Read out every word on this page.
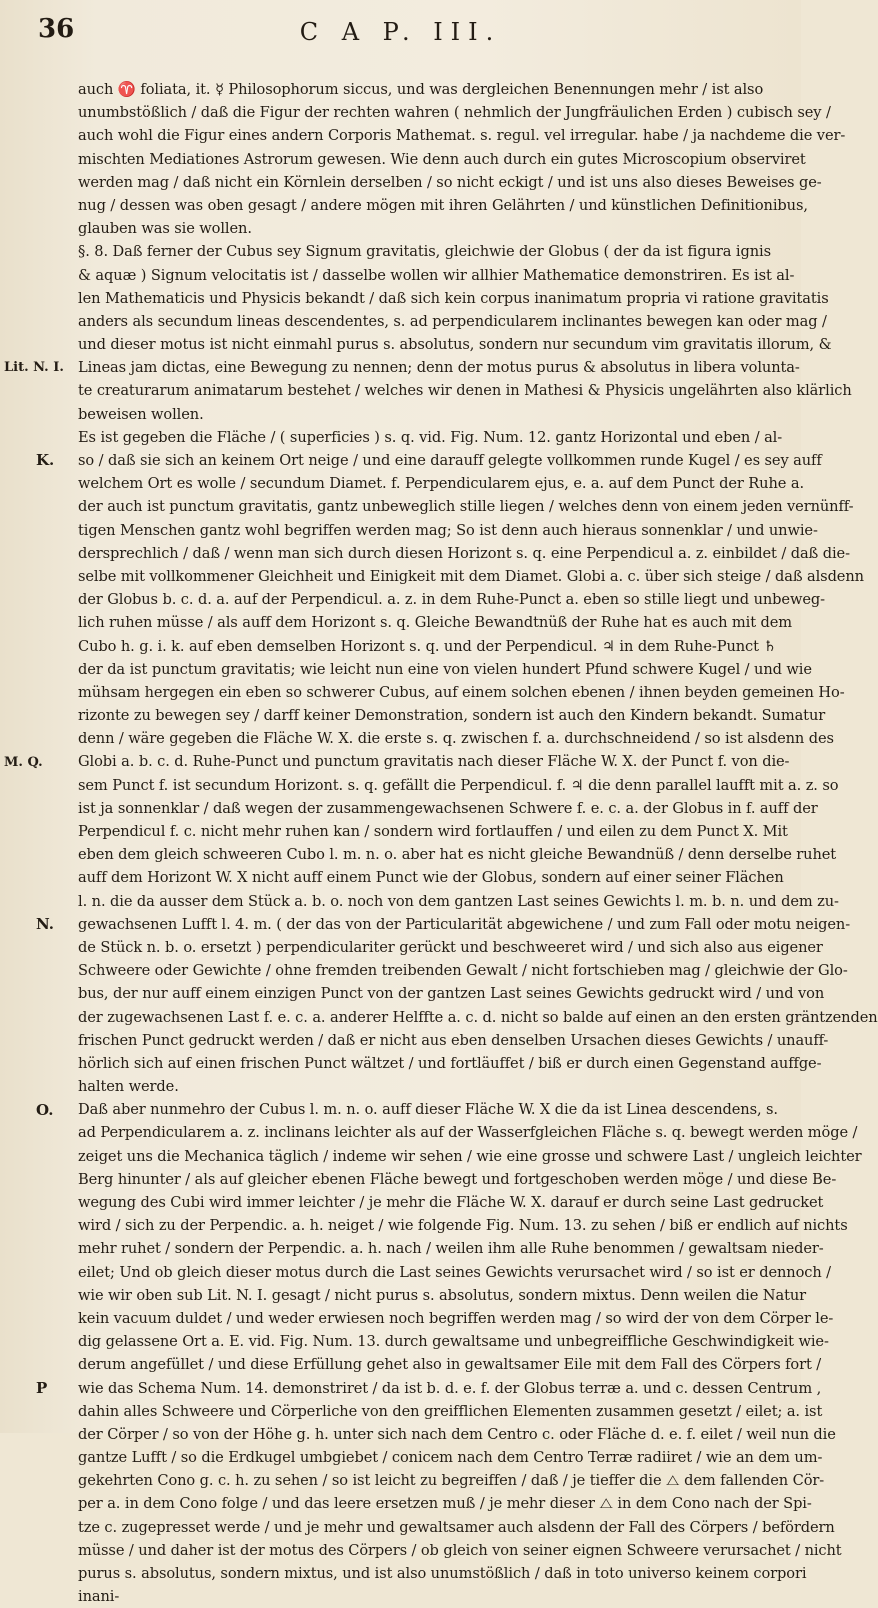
36	C A P. III.
Lit. N. I.
K.
M. Q.
N.
O.
P
auch ♈ foliata, it. ☿ Philosophorum siccus, und was dergleichen Benennungen mehr / ist also
unumbstößlich / daß die Figur der rechten wahren ( nehmlich der Jungfräulichen Erden ) cubisch sey /
auch wohl die Figur eines andern Corporis Mathemat. s. regul. vel irregular. habe / ja nachdeme die ver-
mischten Mediationes Astrorum gewesen. Wie denn auch durch ein gutes Microscopium observiret
werden mag / daß nicht ein Körnlein derselben / so nicht eckigt / und ist uns also dieses Beweises ge-
nug / dessen was oben gesagt / andere mögen mit ihren Gelährten / und künstlichen Definitionibus,
glauben was sie wollen.
§. 8. Daß ferner der Cubus sey Signum gravitatis, gleichwie der Globus ( der da ist figura ignis
& aquæ ) Signum velocitatis ist / dasselbe wollen wir allhier Mathematice demonstriren. Es ist al-
len Mathematicis und Physicis bekandt / daß sich kein corpus inanimatum propria vi ratione gravitatis
anders als secundum lineas descendentes, s. ad perpendicularem inclinantes bewegen kan oder mag /
und dieser motus ist nicht einmahl purus s. absolutus, sondern nur secundum vim gravitatis illorum, &
Lineas jam dictas, eine Bewegung zu nennen; denn der motus purus & absolutus in libera volunta-
te creaturarum animatarum bestehet / welches wir denen in Mathesi & Physicis ungelährten also klärlich
beweisen wollen.
Es ist gegeben die Fläche / ( superficies ) s. q. vid. Fig. Num. 12. gantz Horizontal und eben / al-
so / daß sie sich an keinem Ort neige / und eine darauff gelegte vollkommen runde Kugel / es sey auff
welchem Ort es wolle / secundum Diamet. f. Perpendicularem ejus, e. a. auf dem Punct der Ruhe a.
der auch ist punctum gravitatis, gantz unbeweglich stille liegen / welches denn von einem jeden vernünff-
tigen Menschen gantz wohl begriffen werden mag; So ist denn auch hieraus sonnenklar / und unwie-
dersprechlich / daß / wenn man sich durch diesen Horizont s. q. eine Perpendicul a. z. einbildet / daß die-
selbe mit vollkommener Gleichheit und Einigkeit mit dem Diamet. Globi a. c. über sich steige / daß alsdenn
der Globus b. c. d. a. auf der Perpendicul. a. z. in dem Ruhe-Punct a. eben so stille liegt und unbeweg-
lich ruhen müsse / als auff dem Horizont s. q. Gleiche Bewandtnüß der Ruhe hat es auch mit dem
Cubo h. g. i. k. auf eben demselben Horizont s. q. und der Perpendicul. ♃ in dem Ruhe-Punct ♄
der da ist punctum gravitatis; wie leicht nun eine von vielen hundert Pfund schwere Kugel / und wie
mühsam hergegen ein eben so schwerer Cubus, auf einem solchen ebenen / ihnen beyden gemeinen Ho-
rizonte zu bewegen sey / darff keiner Demonstration, sondern ist auch den Kindern bekandt. Sumatur
denn / wäre gegeben die Fläche W. X. die erste s. q. zwischen f. a. durchschneidend / so ist alsdenn des
Globi a. b. c. d. Ruhe-Punct und punctum gravitatis nach dieser Fläche W. X. der Punct f. von die-
sem Punct f. ist secundum Horizont. s. q. gefällt die Perpendicul. f. ♃ die denn parallel laufft mit a. z. so
ist ja sonnenklar / daß wegen der zusammengewachsenen Schwere f. e. c. a. der Globus in f. auff der
Perpendicul f. c. nicht mehr ruhen kan / sondern wird fortlauffen / und eilen zu dem Punct X. Mit
eben dem gleich schweeren Cubo l. m. n. o. aber hat es nicht gleiche Bewandnüß / denn derselbe ruhet
auff dem Horizont W. X nicht auff einem Punct wie der Globus, sondern auf einer seiner Flächen
l. n. die da ausser dem Stück a. b. o. noch von dem gantzen Last seines Gewichts l. m. b. n. und dem zu-
gewachsenen Lufft l. 4. m. ( der das von der Particularität abgewichene / und zum Fall oder motu neigen-
de Stück n. b. o. ersetzt ) perpendiculariter gerückt und beschweeret wird / und sich also aus eigener
Schweere oder Gewichte / ohne fremden treibenden Gewalt / nicht fortschieben mag / gleichwie der Glo-
bus, der nur auff einem einzigen Punct von der gantzen Last seines Gewichts gedruckt wird / und von
der zugewachsenen Last f. e. c. a. anderer Helffte a. c. d. nicht so balde auf einen an den ersten gräntzenden
frischen Punct gedruckt werden / daß er nicht aus eben denselben Ursachen dieses Gewichts / unauff-
hörlich sich auf einen frischen Punct wältzet / und fortläuffet / biß er durch einen Gegenstand auffge-
halten werde.
Daß aber nunmehro der Cubus l. m. n. o. auff dieser Fläche W. X die da ist Linea descendens, s.
ad Perpendicularem a. z. inclinans leichter als auf der Wasserfgleichen Fläche s. q. bewegt werden möge /
zeiget uns die Mechanica täglich / indeme wir sehen / wie eine grosse und schwere Last / ungleich leichter
Berg hinunter / als auf gleicher ebenen Fläche bewegt und fortgeschoben werden möge / und diese Be-
wegung des Cubi wird immer leichter / je mehr die Fläche W. X. darauf er durch seine Last gedrucket
wird / sich zu der Perpendic. a. h. neiget / wie folgende Fig. Num. 13. zu sehen / biß er endlich auf nichts
mehr ruhet / sondern der Perpendic. a. h. nach / weilen ihm alle Ruhe benommen / gewaltsam nieder-
eilet; Und ob gleich dieser motus durch die Last seines Gewichts verursachet wird / so ist er dennoch /
wie wir oben sub Lit. N. I. gesagt / nicht purus s. absolutus, sondern mixtus. Denn weilen die Natur
kein vacuum duldet / und weder erwiesen noch begriffen werden mag / so wird der von dem Cörper le-
dig gelassene Ort a. E. vid. Fig. Num. 13. durch gewaltsame und unbegreiffliche Geschwindigkeit wie-
derum angefüllet / und diese Erfüllung gehet also in gewaltsamer Eile mit dem Fall des Cörpers fort /
wie das Schema Num. 14. demonstriret / da ist b. d. e. f. der Globus terræ a. und c. dessen Centrum ,
dahin alles Schweere und Cörperliche von den greifflichen Elementen zusammen gesetzt / eilet; a. ist
der Cörper / so von der Höhe g. h. unter sich nach dem Centro c. oder Fläche d. e. f. eilet / weil nun die
gantze Lufft / so die Erdkugel umbgiebet / conicem nach dem Centro Terræ radiiret / wie an dem um-
gekehrten Cono g. c. h. zu sehen / so ist leicht zu begreiffen / daß / je tieffer die ⧍ dem fallenden Cör-
per a. in dem Cono folge / und das leere ersetzen muß / je mehr dieser ⧍ in dem Cono nach der Spi-
tze c. zugepresset werde / und je mehr und gewaltsamer auch alsdenn der Fall des Cörpers / befördern
müsse / und daher ist der motus des Cörpers / ob gleich von seiner eignen Schweere verursachet / nicht
purus s. absolutus, sondern mixtus, und ist also unumstößlich / daß in toto universo keinem corpori
inani-
